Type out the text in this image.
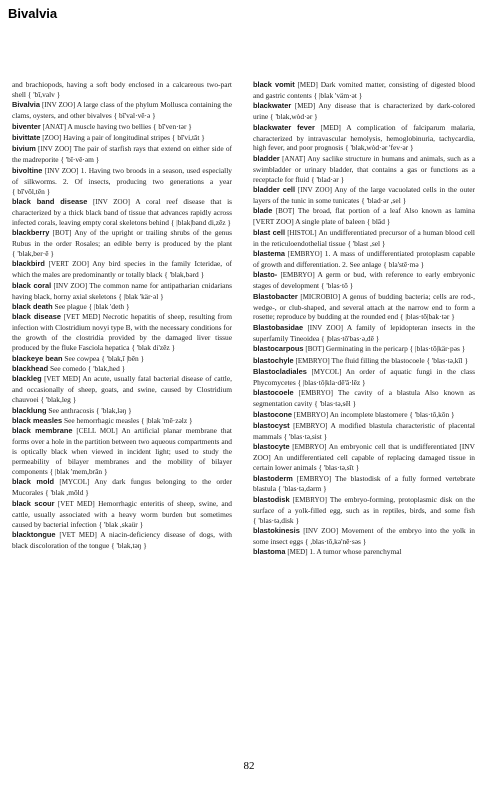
Bivalvia

and brachiopods, having a soft body enclosed in a calcareous two-part shell { 'bī,valv }

Bivalvia [INV ZOO] A large class of the phylum Mollusca containing the clams, oysters, and other bivalves { bī'val·vē·ə }

biventer [ANAT] A muscle having two bellies { bī'ven·tər }

bivittate [ZOO] Having a pair of longitudinal stripes { bī'vi,tāt }

bivium [INV ZOO] The pair of starfish rays that extend on either side of the madreporite { 'bī·vē·əm }

bivoltine [INV ZOO] 1. Having two broods in a season, used especially of silkworms. 2. Of insects, producing two generations a year { bī'vōl,tēn }

black band disease [INV ZOO] A coral reef disease that is characterized by a thick black band of tissue that advances rapidly across infected corals, leaving empty coral skeletons behind { |blak|band di,zēz }

blackberry [BOT] Any of the upright or trailing shrubs of the genus Rubus in the order Rosales; an edible berry is produced by the plant { 'blak,ber·ē }

blackbird [VERT ZOO] Any bird species in the family Icteridae, of which the males are predominantly or totally black { 'blak,bərd }

black coral [INV ZOO] The common name for antipatharian cnidarians having black, horny axial skeletons { |blak 'kär·əl }

black death See plague { |blak 'deth }

black disease [VET MED] Necrotic hepatitis of sheep, resulting from infection with Clostridium novyi type B, with the necessary conditions for the growth of the clostridia provided by the damaged liver tissue produced by the fluke Fasciola hepatica { 'blak di'zēz }

blackeye bean See cowpea { 'blak,ī |bēn }

blackhead See comedo { 'blak,hed }

blackleg [VET MED] An acute, usually fatal bacterial disease of cattle, and occasionally of sheep, goats, and swine, caused by Clostridium chauvoei { 'blak,leg }

blacklung See anthracosis { 'blak,ləŋ }

black measles See hemorrhagic measles { |blak 'mē·zəlz }

black membrane [CELL MOL] An artificial planar membrane that forms over a hole in the partition between two aqueous compartments and is optically black when viewed in incident light; used to study the permeability of bilayer membranes and the mobility of bilayer components { |blak 'mem,brān }

black mold [MYCOL] Any dark fungus belonging to the order Mucorales { 'blak ,mōld }

black scour [VET MED] Hemorrhagic enteritis of sheep, swine, and cattle, usually associated with a heavy worm burden but sometimes caused by bacterial infection { 'blak ,skaür }

blacktongue [VET MED] A niacin-deficiency disease of dogs, with black discoloration of the tongue { 'blak,təŋ }

black vomit [MED] Dark vomited matter, consisting of digested blood and gastric contents { |blak 'väm·ət }

blackwater [MED] Any disease that is characterized by dark-colored urine { 'blak,wòd·ər }

blackwater fever [MED] A complication of falciparum malaria, characterized by intravascular hemolysis, hemoglobinuria, tachycardia, high fever, and poor prognosis { 'blak,wòd·ər 'fev·ər }

bladder [ANAT] Any saclike structure in humans and animals, such as a swimbladder or urinary bladder, that contains a gas or functions as a receptacle for fluid { 'blad·ər }

bladder cell [INV ZOO] Any of the large vacuolated cells in the outer layers of the tunic in some tunicates { 'blad·ər ,sel }

blade [BOT] The broad, flat portion of a leaf Also known as lamina [VERT ZOO] A single plate of baleen { blād }

blast cell [HISTOL] An undifferentiated precursor of a human blood cell in the reticuloendothelial tissue { 'blast ,sel }

blastema [EMBRYO] 1. A mass of undifferentiated protoplasm capable of growth and differentiation. 2. See anlage { bla'stē·mə }

blasto- [EMBRYO] A germ or bud, with reference to early embryonic stages of development { 'blas·tō }

Blastobacter [MICROBIO] A genus of budding bacteria; cells are rod-, wedge-, or club-shaped, and several attach at the narrow end to form a rosette; reproduce by budding at the rounded end { |blas·tō|bak·tər }

Blastobasidae [INV ZOO] A family of lepidopteran insects in the superfamily Tineoidea { |blas·tō'bas·ə,dē }

blastocarpous [BOT] Germinating in the pericarp { |blas·tō|kär·pəs }

blastochyle [EMBRYO] The fluid filling the blastocoele { 'blas·tə,kīl }

Blastocladiales [MYCOL] An order of aquatic fungi in the class Phycomycetes { |blas·tō|kla·dē'ā·lēz }

blastocoele [EMBRYO] The cavity of a blastula Also known as segmentation cavity { 'blas·tə,sēl }

blastocone [EMBRYO] An incomplete blastomere { 'blas·tō,kōn }

blastocyst [EMBRYO] A modified blastula characteristic of placental mammals { 'blas·tə,sist }

blastocyte [EMBRYO] An embryonic cell that is undifferentiated [INV ZOO] An undifferentiated cell capable of replacing damaged tissue in certain lower animals { 'blas·tə,sīt }

blastoderm [EMBRYO] The blastodisk of a fully formed vertebrate blastula { 'blas·tə,dərm }

blastodisk [EMBRYO] The embryo-forming, protoplasmic disk on the surface of a yolk-filled egg, such as in reptiles, birds, and some fish { 'blas·tə,disk }

blastokinesis [INV ZOO] Movement of the embryo into the yolk in some insect eggs { ,blas·tō,kə'nē·səs }

blastoma [MED] 1. A tumor whose parenchymal

82
